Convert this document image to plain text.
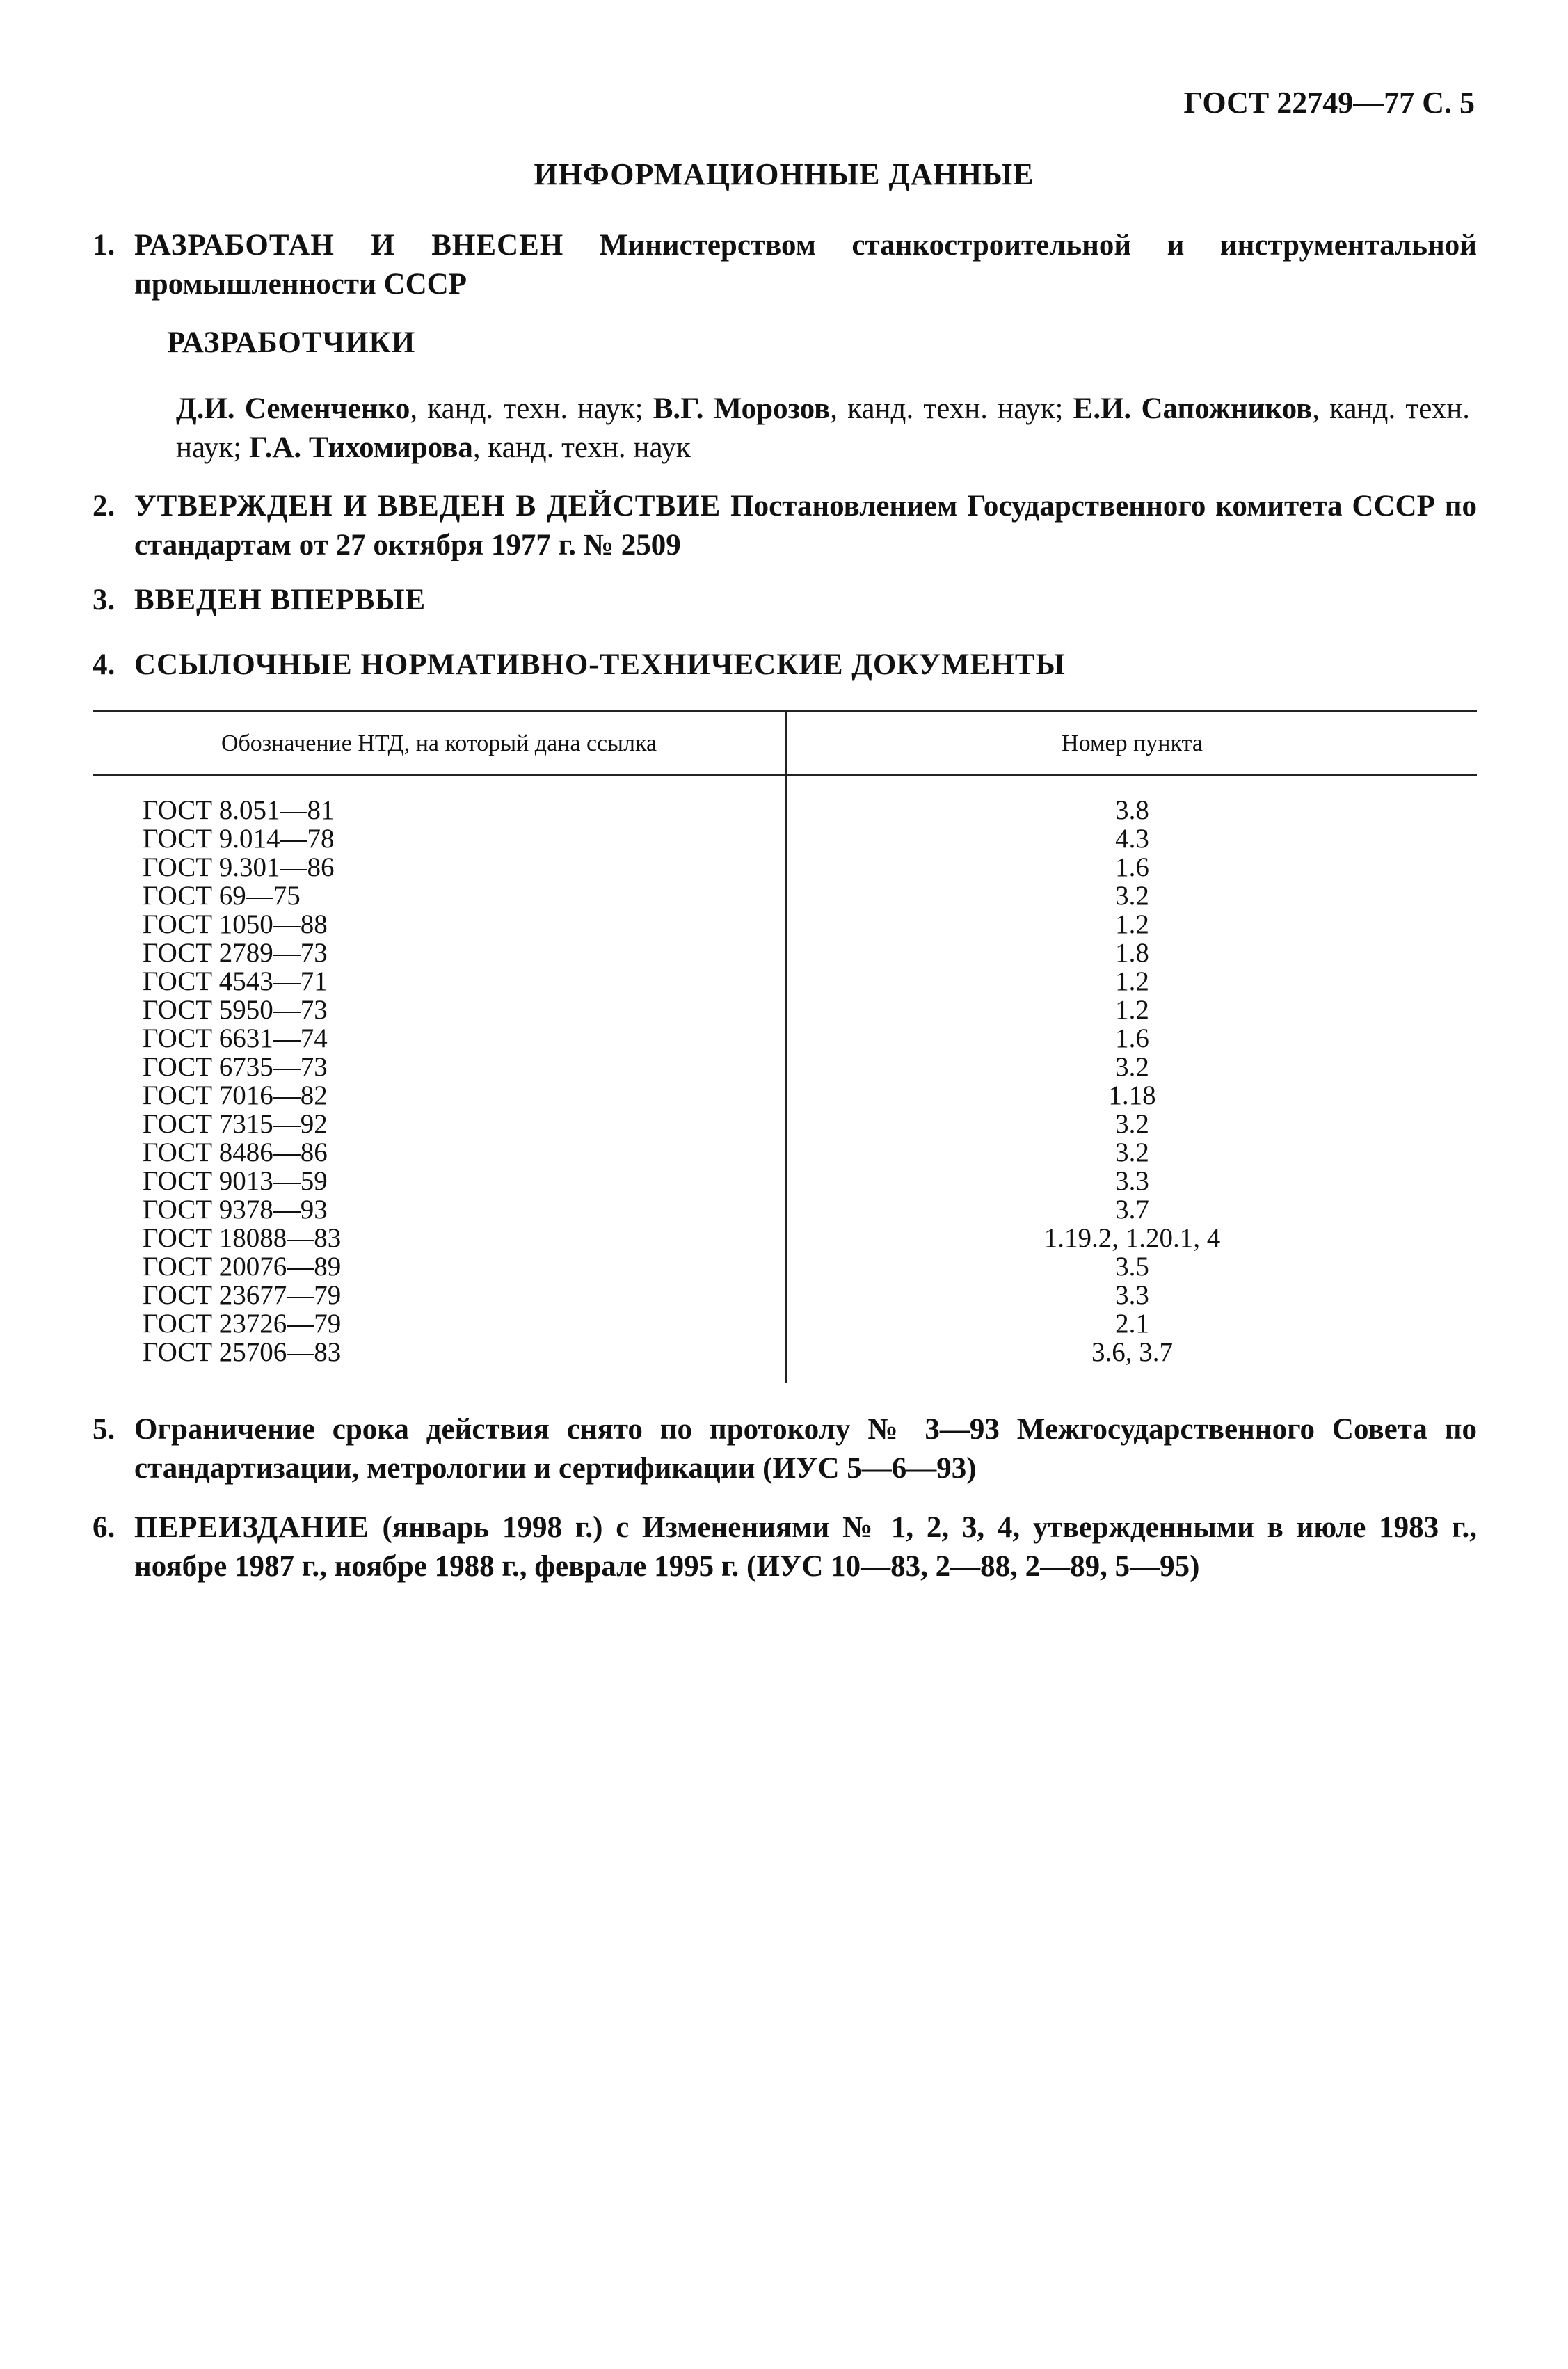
ГОСТ 22749—77 С. 5
ИНФОРМАЦИОННЫЕ ДАННЫЕ
1. РАЗРАБОТАН И ВНЕСЕН Министерством станкостроительной и инструментальной промышленности СССР
РАЗРАБОТЧИКИ
Д.И. Семенченко, канд. техн. наук; В.Г. Морозов, канд. техн. наук; Е.И. Сапожников, канд. техн. наук; Г.А. Тихомирова, канд. техн. наук
2. УТВЕРЖДЕН И ВВЕДЕН В ДЕЙСТВИЕ Постановлением Государственного комитета СССР по стандартам от 27 октября 1977 г. № 2509
3. ВВЕДЕН ВПЕРВЫЕ
4. ССЫЛОЧНЫЕ НОРМАТИВНО-ТЕХНИЧЕСКИЕ ДОКУМЕНТЫ
Обозначение НТД, на который дана ссылка	Номер пункта
ГОСТ 8.051—81	3.8
ГОСТ 9.014—78	4.3
ГОСТ 9.301—86	1.6
ГОСТ 69—75	3.2
ГОСТ 1050—88	1.2
ГОСТ 2789—73	1.8
ГОСТ 4543—71	1.2
ГОСТ 5950—73	1.2
ГОСТ 6631—74	1.6
ГОСТ 6735—73	3.2
ГОСТ 7016—82	1.18
ГОСТ 7315—92	3.2
ГОСТ 8486—86	3.2
ГОСТ 9013—59	3.3
ГОСТ 9378—93	3.7
ГОСТ 18088—83	1.19.2, 1.20.1, 4
ГОСТ 20076—89	3.5
ГОСТ 23677—79	3.3
ГОСТ 23726—79	2.1
ГОСТ 25706—83	3.6, 3.7
5. Ограничение срока действия снято по протоколу № 3—93 Межгосударственного Совета по стандартизации, метрологии и сертификации (ИУС 5—6—93)
6. ПЕРЕИЗДАНИЕ (январь 1998 г.) с Изменениями № 1, 2, 3, 4, утвержденными в июле 1983 г., ноябре 1987 г., ноябре 1988 г., феврале 1995 г. (ИУС 10—83, 2—88, 2—89, 5—95)
